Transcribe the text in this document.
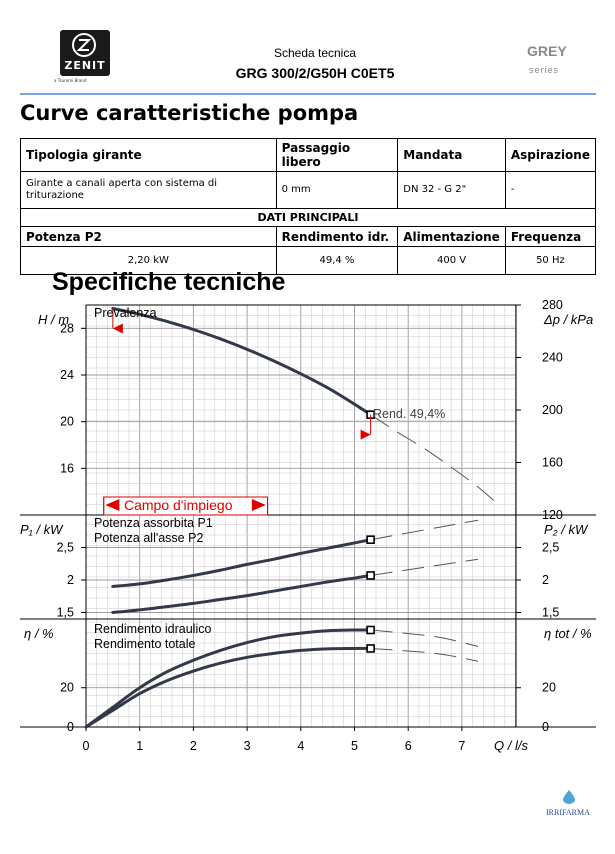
ZENIT
a Tsurumi Brand
Scheda tecnica
GRG 300/2/G50H C0ET5
GREY
series
Curve caratteristiche pompa
Tipologia girante	Passaggio libero	Mandata	Aspirazione
Girante a canali aperta con sistema di triturazione	0 mm	DN 32 - G 2"	-
DATI PRINCIPALI			
Potenza P2	Rendimento idr.	Alimentazione	Frequenza
2,20 kW	49,4 %	400 V	50 Hz
Specifiche tecniche
Prevalenza
Rend. 49,4%
Potenza assorbita P1
Potenza all'asse P2
Rendimento idraulico
Rendimento totale
H / m	Δp / kPa
P₁ / kW	P₂ / kW
η / %	η tot / %
Q / l/s
Campo d'impiego
16
20
24
28
120
160
200
240
280
1,5
2
2,5
1,5
2
2,5
0
20
0
20
0	1	2	3	4	5	6	7
IRRIFARMA
